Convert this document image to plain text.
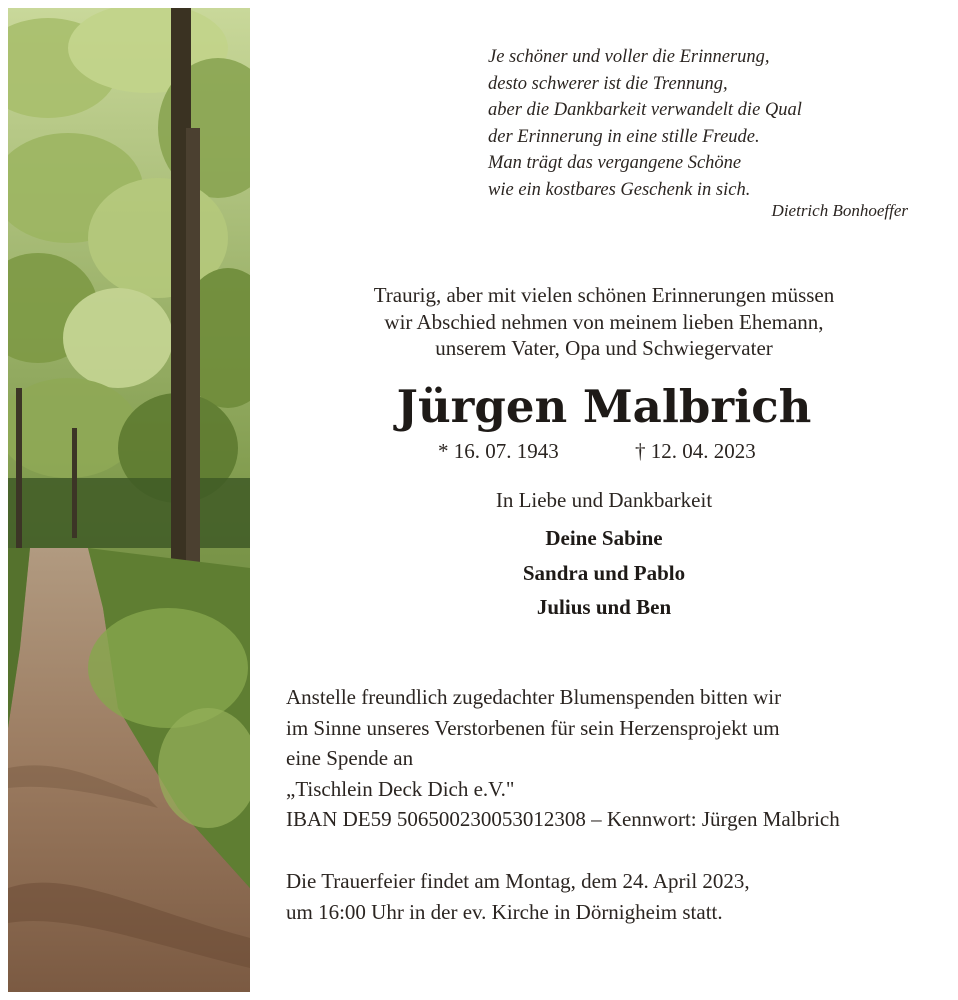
Je schöner und voller die Erinnerung,
desto schwerer ist die Trennung,
aber die Dankbarkeit verwandelt die Qual
der Erinnerung in eine stille Freude.
Man trägt das vergangene Schöne
wie ein kostbares Geschenk in sich.
Dietrich Bonhoeffer
Traurig, aber mit vielen schönen Erinnerungen müssen
wir Abschied nehmen von meinem lieben Ehemann,
unserem Vater, Opa und Schwiegervater
Jürgen Malbrich
* 16. 07. 1943	† 12. 04. 2023
In Liebe und Dankbarkeit
Deine Sabine
Sandra und Pablo
Julius und Ben
Anstelle freundlich zugedachter Blumenspenden bitten wir
im Sinne unseres Verstorbenen für sein Herzensprojekt um
eine Spende an
„Tischlein Deck Dich e.V."
IBAN DE59 506500230053012308 – Kennwort: Jürgen Malbrich
Die Trauerfeier findet am Montag, dem 24. April 2023,
um 16:00 Uhr in der ev. Kirche in Dörnigheim statt.
